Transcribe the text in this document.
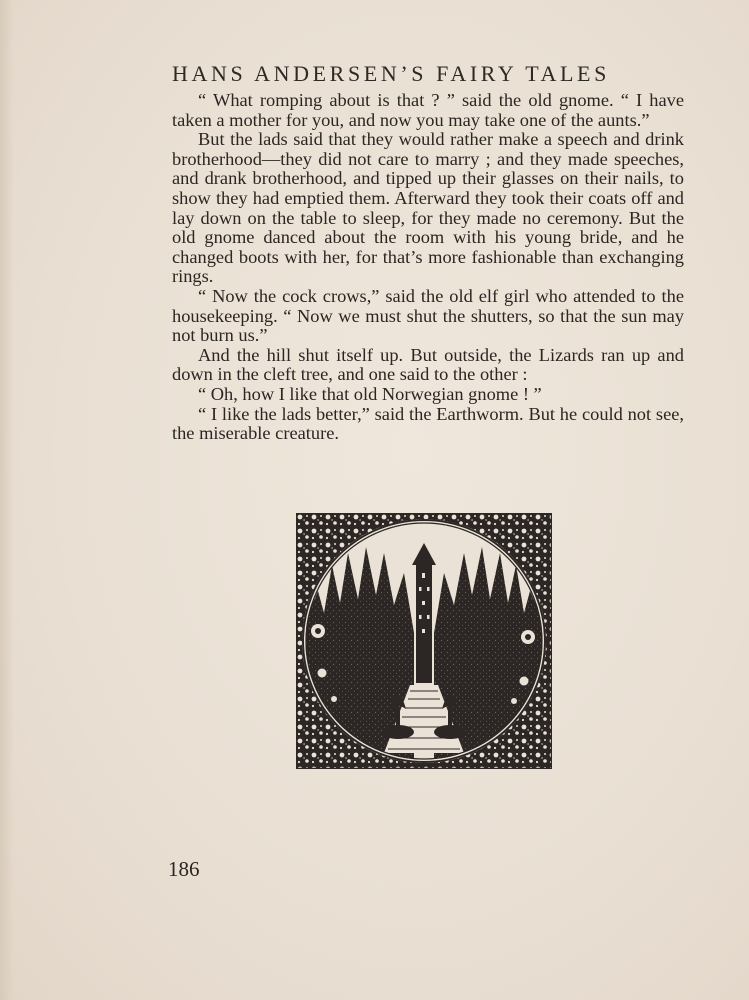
HANS ANDERSEN’S FAIRY TALES

“ What romping about is that ? ” said the old gnome. “ I have taken a mother for you, and now you may take one of the aunts.”

But the lads said that they would rather make a speech and drink brotherhood—they did not care to marry ; and they made speeches, and drank brotherhood, and tipped up their glasses on their nails, to show they had emptied them. Afterward they took their coats off and lay down on the table to sleep, for they made no ceremony. But the old gnome danced about the room with his young bride, and he changed boots with her, for that’s more fashionable than exchanging rings.

“ Now the cock crows,” said the old elf girl who attended to the housekeeping. “ Now we must shut the shutters, so that the sun may not burn us.”

And the hill shut itself up. But outside, the Lizards ran up and down in the cleft tree, and one said to the other :

“ Oh, how I like that old Norwegian gnome ! ”

“ I like the lads better,” said the Earthworm. But he could not see, the miserable creature.

186
